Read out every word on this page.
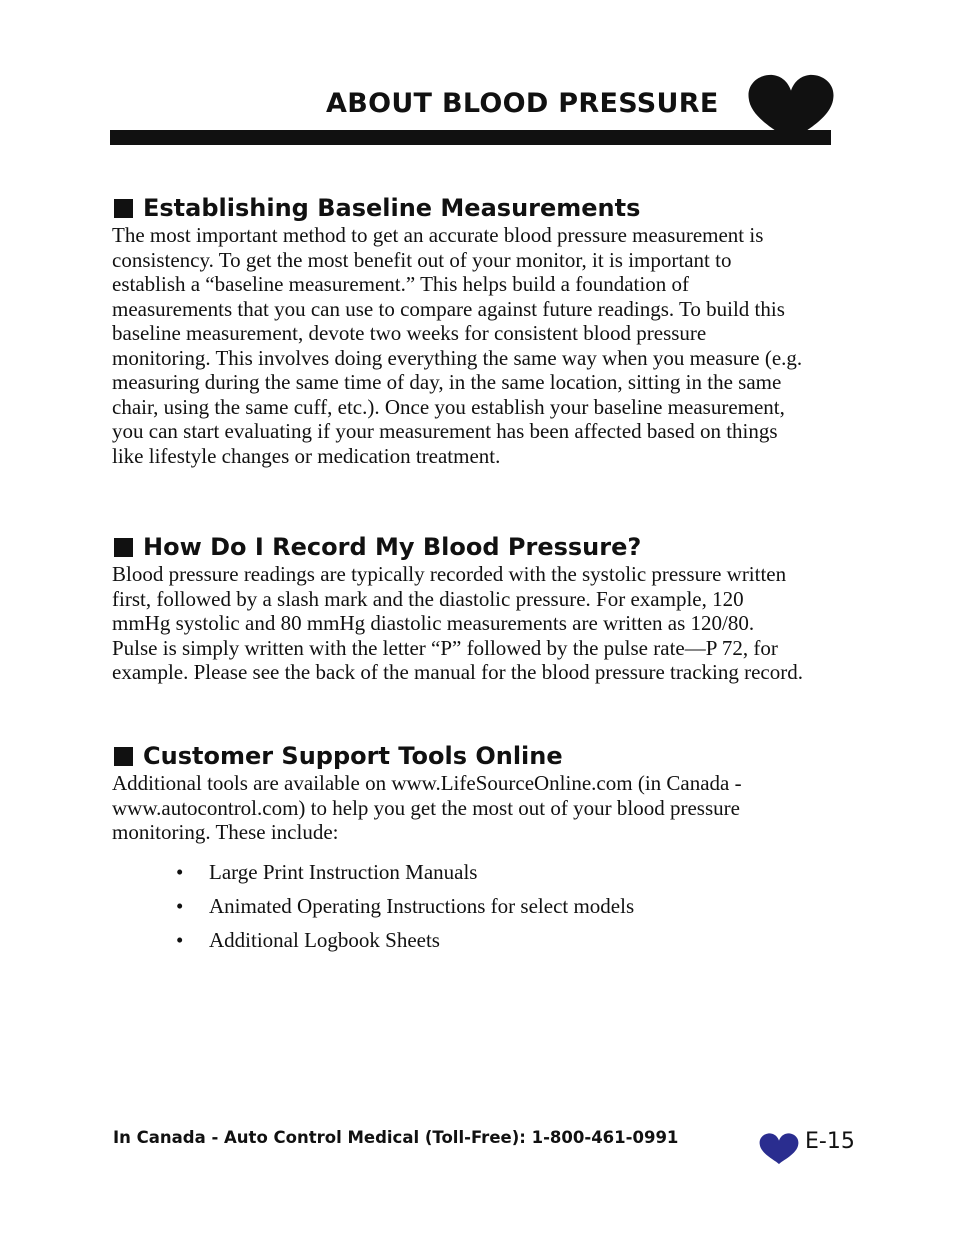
ABOUT BLOOD PRESSURE
Establishing Baseline Measurements

The most important method to get an accurate blood pressure measurement is

consistency. To get the most benefit out of your monitor, it is important to

establish a “baseline measurement.” This helps build a foundation of

measurements that you can use to compare against future readings. To build this

baseline measurement, devote two weeks for consistent blood pressure

monitoring. This involves doing everything the same way when you measure (e.g.

measuring during the same time of day, in the same location, sitting in the same

chair, using the same cuff, etc.). Once you establish your baseline measurement,

you can start evaluating if your measurement has been affected based on things

like lifestyle changes or medication treatment.

How Do I Record My Blood Pressure?

Blood pressure readings are typically recorded with the systolic pressure written

first, followed by a slash mark and the diastolic pressure. For example, 120

mmHg systolic and 80 mmHg diastolic measurements are written as 120/80.

Pulse is simply written with the letter “P” followed by the pulse rate—P 72, for

example. Please see the back of the manual for the blood pressure tracking record.

Customer Support Tools Online

Additional tools are available on www.LifeSourceOnline.com (in Canada -

www.autocontrol.com) to help you get the most out of your blood pressure

monitoring. These include:

• Large Print Instruction Manuals
• Animated Operating Instructions for select models
• Additional Logbook Sheets
In Canada - Auto Control Medical (Toll-Free): 1-800-461-0991	E-15
